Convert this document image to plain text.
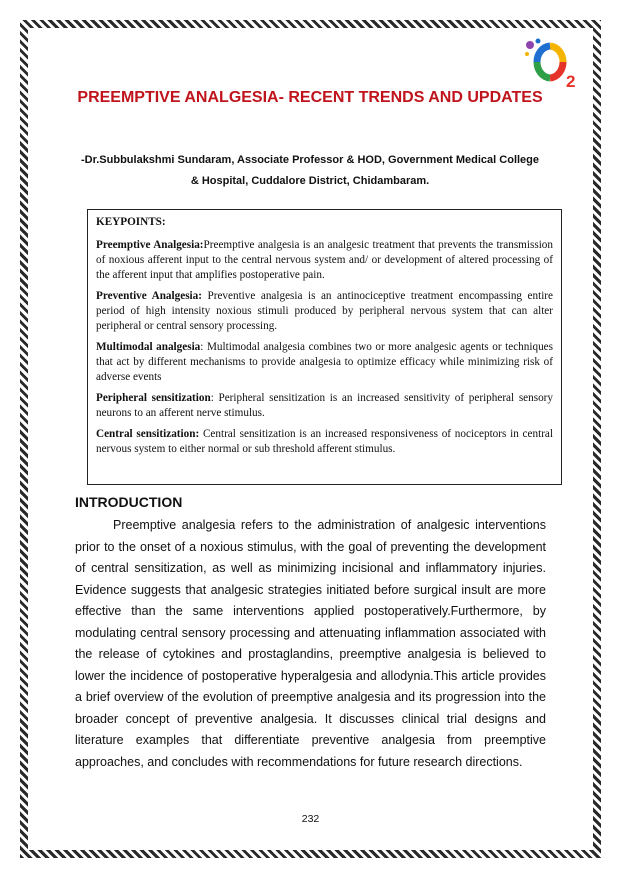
2
PREEMPTIVE ANALGESIA- RECENT TRENDS AND UPDATES

-Dr.Subbulakshmi Sundaram, Associate Professor & HOD, Government Medical College & Hospital, Cuddalore District, Chidambaram.

KEYPOINTS:

Preemptive Analgesia:Preemptive analgesia is an analgesic treatment that prevents the transmission of noxious afferent input to the central nervous system and/ or development of altered processing of the afferent input that amplifies postoperative pain.

Preventive Analgesia: Preventive analgesia is an antinociceptive treatment encompassing entire period of high intensity noxious stimuli produced by peripheral nervous system that can alter peripheral or central sensory processing.

Multimodal analgesia: Multimodal analgesia combines two or more analgesic agents or techniques that act by different mechanisms to provide analgesia to optimize efficacy while minimizing risk of adverse events

Peripheral sensitization: Peripheral sensitization is an increased sensitivity of peripheral sensory neurons to an afferent nerve stimulus.

Central sensitization: Central sensitization is an increased responsiveness of nociceptors in central nervous system to either normal or sub threshold afferent stimulus.

INTRODUCTION

Preemptive analgesia refers to the administration of analgesic interventions prior to the onset of a noxious stimulus, with the goal of preventing the development of central sensitization, as well as minimizing incisional and inflammatory injuries. Evidence suggests that analgesic strategies initiated before surgical insult are more effective than the same interventions applied postoperatively.Furthermore, by modulating central sensory processing and attenuating inflammation associated with the release of cytokines and prostaglandins, preemptive analgesia is believed to lower the incidence of postoperative hyperalgesia and allodynia.This article provides a brief overview of the evolution of preemptive analgesia and its progression into the broader concept of preventive analgesia. It discusses clinical trial designs and literature examples that differentiate preventive analgesia from preemptive approaches, and concludes with recommendations for future research directions.

232
